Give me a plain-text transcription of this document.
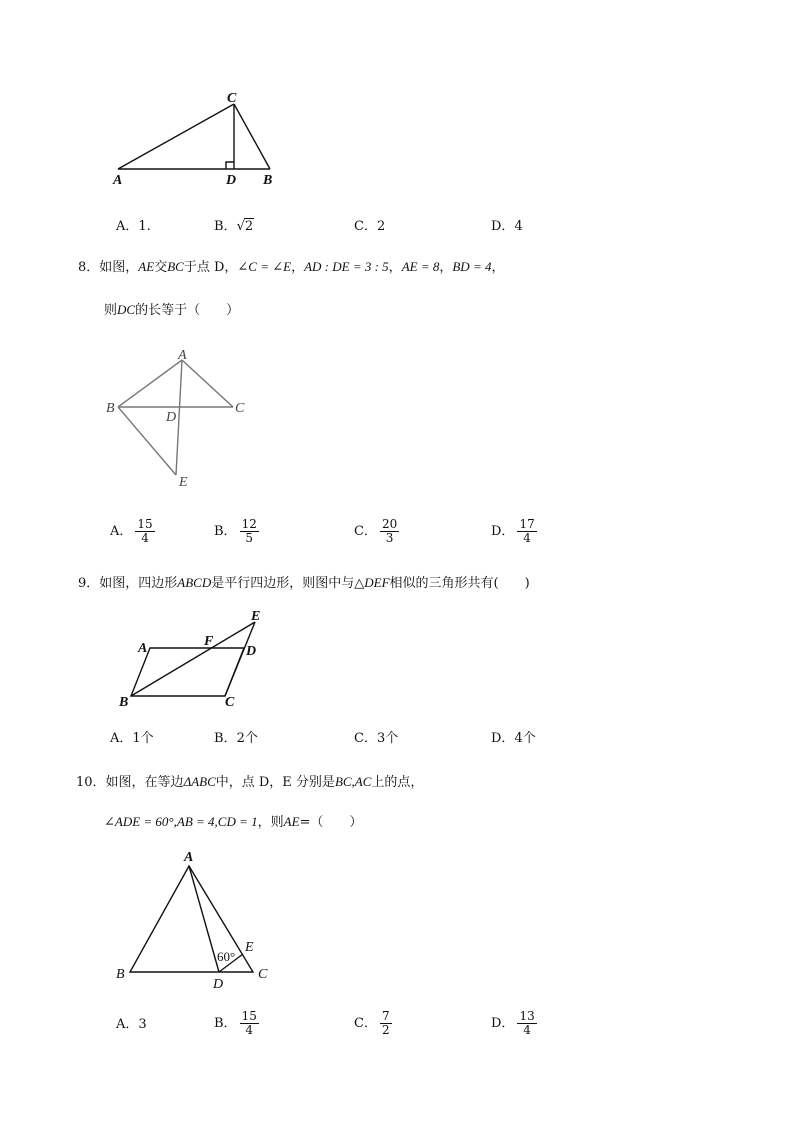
C
A	D B
A．1.	B．√2	C．2	D．4
8．如图，AE交BC于点 D，∠C = ∠E，AD : DE = 3 : 5，AE = 8，BD = 4，
则DC的长等于（　　）
A
B	C
D
E
A． $\frac{15}{4}$	B． $\frac{12}{5}$	C． $\frac{20}{3}$	D． $\frac{17}{4}$
9．如图，四边形ABCD是平行四边形，则图中与△DEF相似的三角形共有(　　)
E
A	F
D
B	C
A．1个	B．2个	C．3个	D．4个
10．如图，在等边ΔABC中，点 D，E 分别是BC,AC上的点，
∠ADE = 60°,AB = 4,CD = 1，则AE=（　　）
A
B	C
D
E
60°
A．3	B． $\frac{15}{4}$	C． $\frac{7}{2}$	D． $\frac{13}{4}$
